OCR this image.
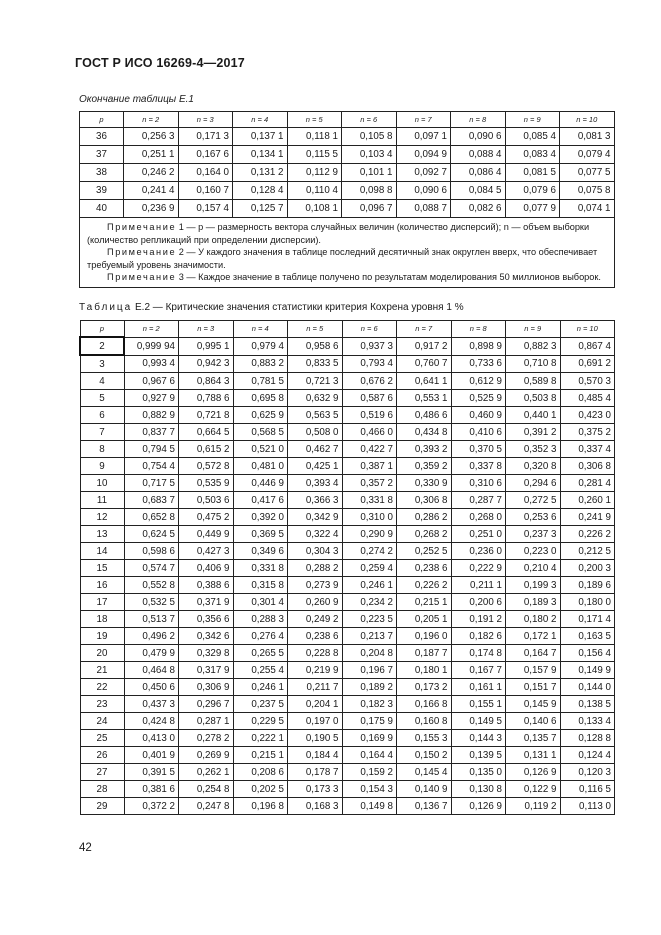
ГОСТ Р ИСО 16269-4—2017
Окончание таблицы Е.1
p	n = 2	n = 3	n = 4	n = 5	n = 6	n = 7	n = 8	n = 9	n = 10
36	0,256 3	0,171 3	0,137 1	0,118 1	0,105 8	0,097 1	0,090 6	0,085 4	0,081 3
37	0,251 1	0,167 6	0,134 1	0,115 5	0,103 4	0,094 9	0,088 4	0,083 4	0,079 4
38	0,246 2	0,164 0	0,131 2	0,112 9	0,101 1	0,092 7	0,086 4	0,081 5	0,077 5
39	0,241 4	0,160 7	0,128 4	0,110 4	0,098 8	0,090 6	0,084 5	0,079 6	0,075 8
40	0,236 9	0,157 4	0,125 7	0,108 1	0,096 7	0,088 7	0,082 6	0,077 9	0,074 1

Примечание 1 — p — размерность вектора случайных величин (количество дисперсий); n — объем выборки (количество репликаций при определении дисперсии).

Примечание 2 — У каждого значения в таблице последний десятичный знак округлен вверх, что обеспечивает требуемый уровень значимости.

Примечание 3 — Каждое значение в таблице получено по результатам моделирования 50 миллионов выборок.									

Таблица Е.2 — Критические значения статистики критерия Кохрена уровня 1 %
p	n = 2	n = 3	n = 4	n = 5	n = 6	n = 7	n = 8	n = 9	n = 10
2	0,999 94	0,995 1	0,979 4	0,958 6	0,937 3	0,917 2	0,898 9	0,882 3	0,867 4
3	0,993 4	0,942 3	0,883 2	0,833 5	0,793 4	0,760 7	0,733 6	0,710 8	0,691 2
4	0,967 6	0,864 3	0,781 5	0,721 3	0,676 2	0,641 1	0,612 9	0,589 8	0,570 3
5	0,927 9	0,788 6	0,695 8	0,632 9	0,587 6	0,553 1	0,525 9	0,503 8	0,485 4
6	0,882 9	0,721 8	0,625 9	0,563 5	0,519 6	0,486 6	0,460 9	0,440 1	0,423 0
7	0,837 7	0,664 5	0,568 5	0,508 0	0,466 0	0,434 8	0,410 6	0,391 2	0,375 2
8	0,794 5	0,615 2	0,521 0	0,462 7	0,422 7	0,393 2	0,370 5	0,352 3	0,337 4
9	0,754 4	0,572 8	0,481 0	0,425 1	0,387 1	0,359 2	0,337 8	0,320 8	0,306 8
10	0,717 5	0,535 9	0,446 9	0,393 4	0,357 2	0,330 9	0,310 6	0,294 6	0,281 4
11	0,683 7	0,503 6	0,417 6	0,366 3	0,331 8	0,306 8	0,287 7	0,272 5	0,260 1
12	0,652 8	0,475 2	0,392 0	0,342 9	0,310 0	0,286 2	0,268 0	0,253 6	0,241 9
13	0,624 5	0,449 9	0,369 5	0,322 4	0,290 9	0,268 2	0,251 0	0,237 3	0,226 2
14	0,598 6	0,427 3	0,349 6	0,304 3	0,274 2	0,252 5	0,236 0	0,223 0	0,212 5
15	0,574 7	0,406 9	0,331 8	0,288 2	0,259 4	0,238 6	0,222 9	0,210 4	0,200 3
16	0,552 8	0,388 6	0,315 8	0,273 9	0,246 1	0,226 2	0,211 1	0,199 3	0,189 6
17	0,532 5	0,371 9	0,301 4	0,260 9	0,234 2	0,215 1	0,200 6	0,189 3	0,180 0
18	0,513 7	0,356 6	0,288 3	0,249 2	0,223 5	0,205 1	0,191 2	0,180 2	0,171 4
19	0,496 2	0,342 6	0,276 4	0,238 6	0,213 7	0,196 0	0,182 6	0,172 1	0,163 5
20	0,479 9	0,329 8	0,265 5	0,228 8	0,204 8	0,187 7	0,174 8	0,164 7	0,156 4
21	0,464 8	0,317 9	0,255 4	0,219 9	0,196 7	0,180 1	0,167 7	0,157 9	0,149 9
22	0,450 6	0,306 9	0,246 1	0,211 7	0,189 2	0,173 2	0,161 1	0,151 7	0,144 0
23	0,437 3	0,296 7	0,237 5	0,204 1	0,182 3	0,166 8	0,155 1	0,145 9	0,138 5
24	0,424 8	0,287 1	0,229 5	0,197 0	0,175 9	0,160 8	0,149 5	0,140 6	0,133 4
25	0,413 0	0,278 2	0,222 1	0,190 5	0,169 9	0,155 3	0,144 3	0,135 7	0,128 8
26	0,401 9	0,269 9	0,215 1	0,184 4	0,164 4	0,150 2	0,139 5	0,131 1	0,124 4
27	0,391 5	0,262 1	0,208 6	0,178 7	0,159 2	0,145 4	0,135 0	0,126 9	0,120 3
28	0,381 6	0,254 8	0,202 5	0,173 3	0,154 3	0,140 9	0,130 8	0,122 9	0,116 5
29	0,372 2	0,247 8	0,196 8	0,168 3	0,149 8	0,136 7	0,126 9	0,119 2	0,113 0
42
